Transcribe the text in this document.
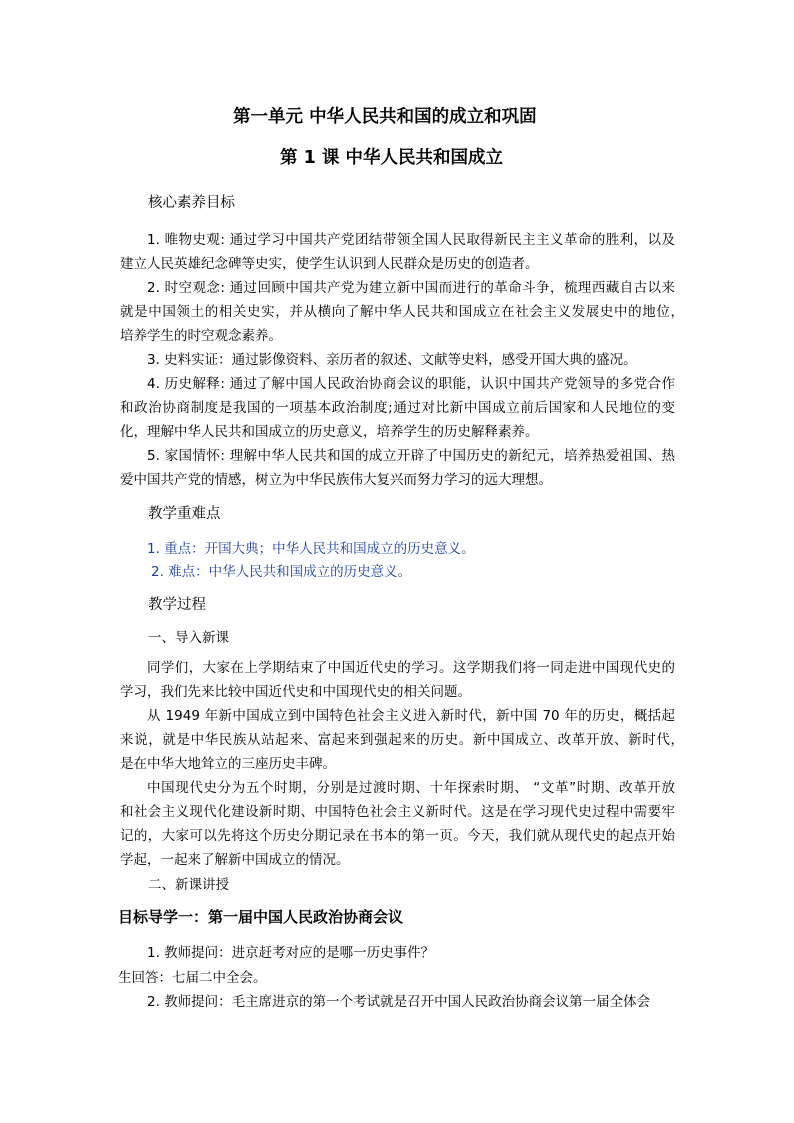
第一单元 中华人民共和国的成立和巩固
第 1 课 中华人民共和国成立
核心素养目标
1. 唯物史观: 通过学习中国共产党团结带领全国人民取得新民主主义革命的胜利，以及
建立人民英雄纪念碑等史实，使学生认识到人民群众是历史的创造者。
2. 时空观念: 通过回顾中国共产党为建立新中国而进行的革命斗争，梳理西藏自古以来
就是中国领土的相关史实，并从横向了解中华人民共和国成立在社会主义发展史中的地位，
培养学生的时空观念素养。
3. 史料实证：通过影像资料、亲历者的叙述、文献等史料，感受开国大典的盛况。
4. 历史解释: 通过了解中国人民政治协商会议的职能，认识中国共产党领导的多党合作
和政治协商制度是我国的一项基本政治制度;通过对比新中国成立前后国家和人民地位的变
化，理解中华人民共和国成立的历史意义，培养学生的历史解释素养。
5. 家国情怀: 理解中华人民共和国的成立开辟了中国历史的新纪元，培养热爱祖国、热
爱中国共产党的情感，树立为中华民族伟大复兴而努力学习的远大理想。
教学重难点
1. 重点：开国大典；中华人民共和国成立的历史意义。
2. 难点：中华人民共和国成立的历史意义。
教学过程
一、导入新课
同学们，大家在上学期结束了中国近代史的学习。这学期我们将一同走进中国现代史的
学习，我们先来比较中国近代史和中国现代史的相关问题。
从 1949 年新中国成立到中国特色社会主义进入新时代，新中国 70 年的历史，概括起
来说，就是中华民族从站起来、富起来到强起来的历史。新中国成立、改革开放、新时代，
是在中华大地耸立的三座历史丰碑。
中国现代史分为五个时期，分别是过渡时期、十年探索时期、 “文革”时期、改革开放
和社会主义现代化建设新时期、中国特色社会主义新时代。这是在学习现代史过程中需要牢
记的，大家可以先将这个历史分期记录在书本的第一页。今天，我们就从现代史的起点开始
学起，一起来了解新中国成立的情况。
二、新课讲授
目标导学一：第一届中国人民政治协商会议
1. 教师提问：进京赶考对应的是哪一历史事件？
生回答：七届二中全会。
2. 教师提问：毛主席进京的第一个考试就是召开中国人民政治协商会议第一届全体会
